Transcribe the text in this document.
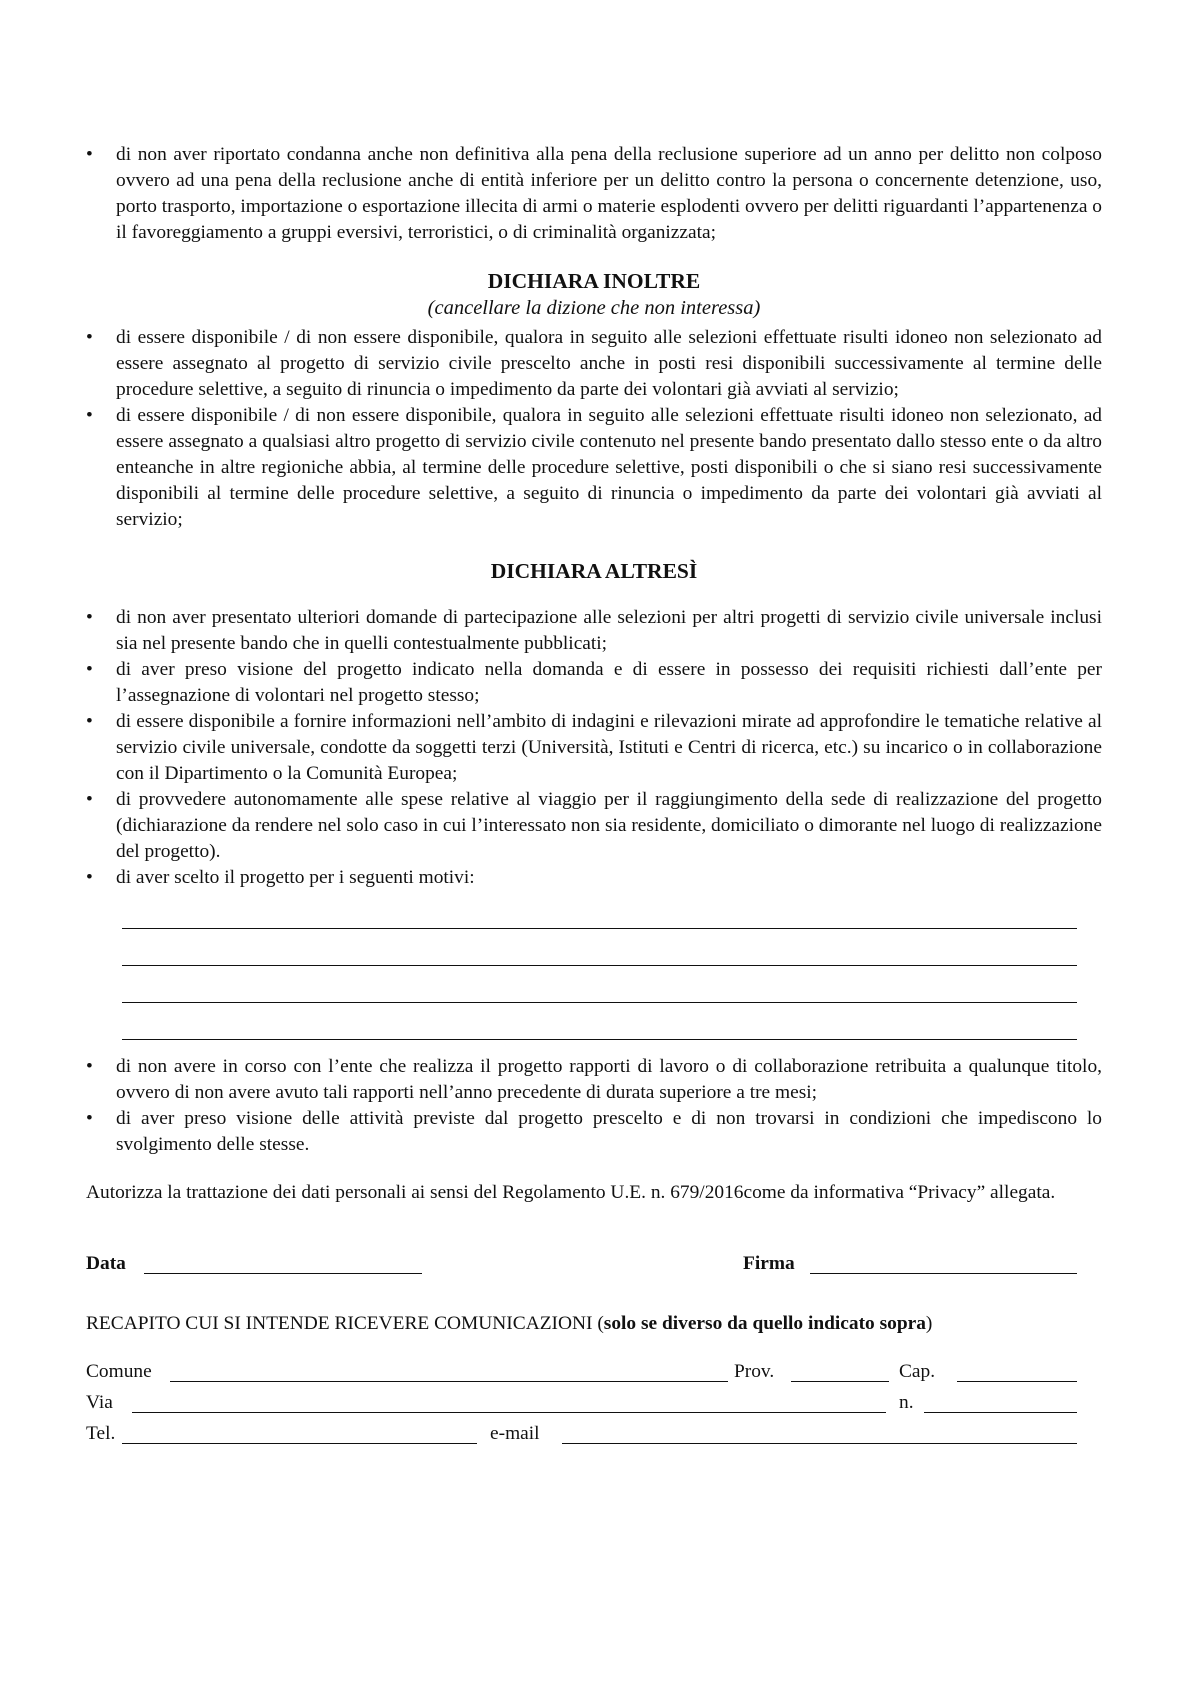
• di non aver riportato condanna anche non definitiva alla pena della reclusione superiore ad un anno per delitto non colposo ovvero ad una pena della reclusione anche di entità inferiore per un delitto contro la persona o concernente detenzione, uso, porto trasporto, importazione o esportazione illecita di armi o materie esplodenti ovvero per delitti riguardanti l’appartenenza o il favoreggiamento a gruppi eversivi, terroristici, o di criminalità organizzata;
DICHIARA INOLTRE
(cancellare la dizione che non interessa)
• di essere disponibile / di non essere disponibile, qualora in seguito alle selezioni effettuate risulti idoneo non selezionato ad essere assegnato al progetto di servizio civile prescelto anche in posti resi disponibili successivamente al termine delle procedure selettive, a seguito di rinuncia o impedimento da parte dei volontari già avviati al servizio;
• di essere disponibile / di non essere disponibile, qualora in seguito alle selezioni effettuate risulti idoneo non selezionato, ad essere assegnato a qualsiasi altro progetto di servizio civile contenuto nel presente bando presentato dallo stesso ente o da altro enteanche in altre regioniche abbia, al termine delle procedure selettive, posti disponibili o che si siano resi successivamente disponibili al termine delle procedure selettive, a seguito di rinuncia o impedimento da parte dei volontari già avviati al servizio;
DICHIARA ALTRESÌ
• di non aver presentato ulteriori domande di partecipazione alle selezioni per altri progetti di servizio civile universale inclusi sia nel presente bando che in quelli contestualmente pubblicati;
• di aver preso visione del progetto indicato nella domanda e di essere in possesso dei requisiti richiesti dall’ente per l’assegnazione di volontari nel progetto stesso;
• di essere disponibile a fornire informazioni nell’ambito di indagini e rilevazioni mirate ad approfondire le tematiche relative al servizio civile universale, condotte da soggetti terzi (Università, Istituti e Centri di ricerca, etc.) su incarico o in collaborazione con il Dipartimento o la Comunità Europea;
• di provvedere autonomamente alle spese relative al viaggio per il raggiungimento della sede di realizzazione del progetto (dichiarazione da rendere nel solo caso in cui l’interessato non sia residente, domiciliato o dimorante nel luogo di realizzazione del progetto).
• di aver scelto il progetto per i seguenti motivi:
• di non avere in corso con l’ente che realizza il progetto rapporti di lavoro o di collaborazione retribuita a qualunque titolo, ovvero di non avere avuto tali rapporti nell’anno precedente di durata superiore a tre mesi;
• di aver preso visione delle attività previste dal progetto prescelto e di non trovarsi in condizioni che impediscono lo svolgimento delle stesse.
Autorizza la trattazione dei dati personali ai sensi del Regolamento U.E. n. 679/2016come da informativa “Privacy” allegata.
Data	Firma
RECAPITO CUI SI INTENDE RICEVERE COMUNICAZIONI (solo se diverso da quello indicato sopra)
Comune	Prov.	Cap.
Via	n.
Tel.	e-mail
